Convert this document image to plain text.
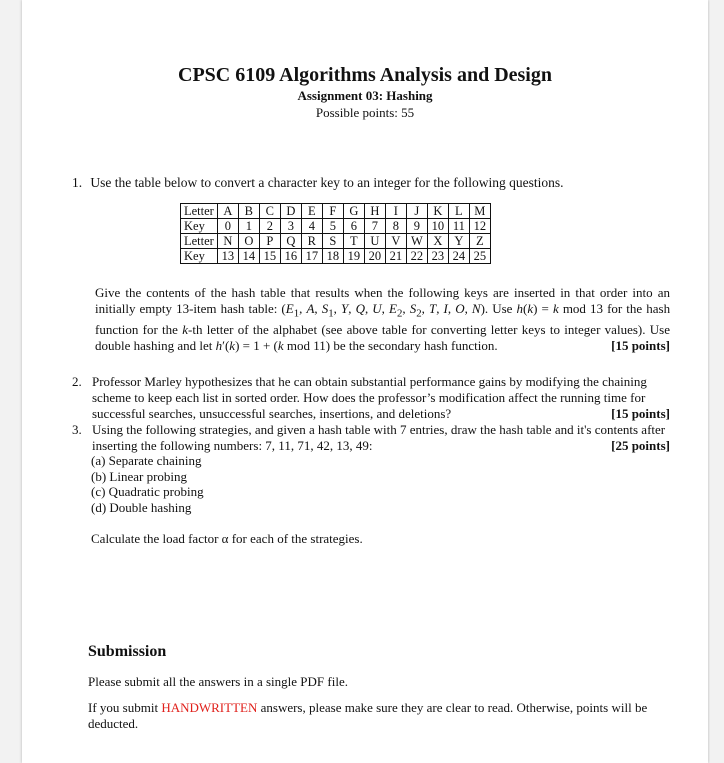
CPSC 6109 Algorithms Analysis and Design
Assignment 03: Hashing
Possible points: 55
1. Use the table below to convert a character key to an integer for the following questions.
Letter	A	B	C	D	E	F	G	H	I	J	K	L	M
Key	0	1	2	3	4	5	6	7	8	9	10	11	12
Letter	N	O	P	Q	R	S	T	U	V	W	X	Y	Z
Key	13	14	15	16	17	18	19	20	21	22	23	24	25
Give the contents of the hash table that results when the following keys are inserted in that order into an initially empty 13-item hash table: ($E_1$, A, $S_1$, Y, Q, U, $E_2$, $S_2$, T, I, O, N). Use h(k) = k mod 13 for the hash function for the k-th letter of the alphabet (see above table for converting letter keys to integer values). Use double hashing and let h′(k) = 1 + (k mod 11) be the secondary hash function.	[15 points]
2. Professor Marley hypothesizes that he can obtain substantial performance gains by modifying the chaining scheme to keep each list in sorted order. How does the professor’s modification affect the running time for successful searches, unsuccessful searches, insertions, and deletions?	[15 points]
3. Using the following strategies, and given a hash table with 7 entries, draw the hash table and it's contents after inserting the following numbers: 7, 11, 71, 42, 13, 49:	[25 points]
(a) Separate chaining
(b) Linear probing
(c) Quadratic probing
(d) Double hashing
Calculate the load factor α for each of the strategies.
Submission
Please submit all the answers in a single PDF file.
If you submit HANDWRITTEN answers, please make sure they are clear to read. Otherwise, points will be deducted.
